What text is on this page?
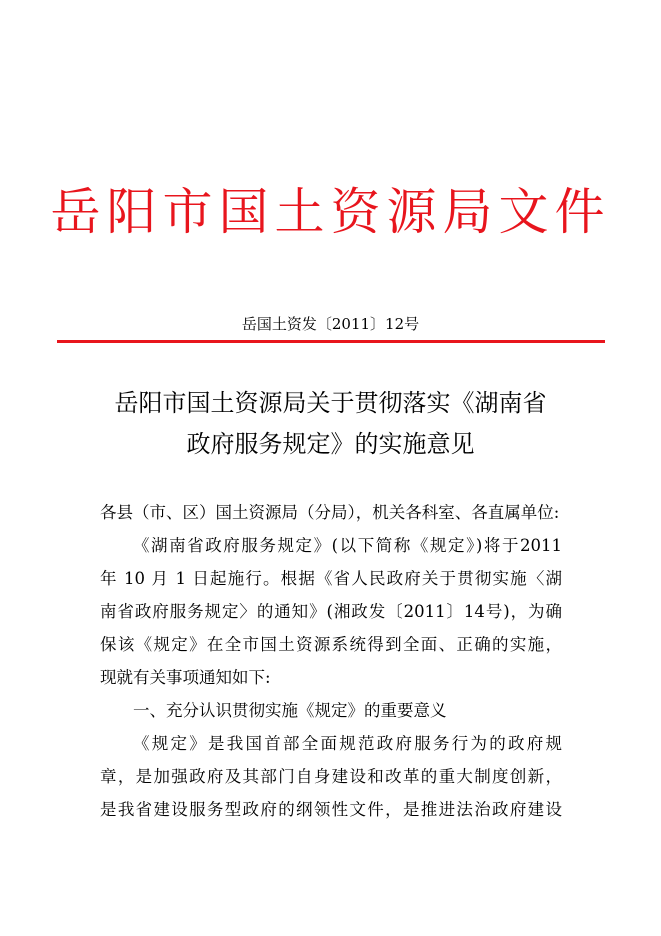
岳阳市国土资源局文件
岳国土资发〔2011〕12号
岳阳市国土资源局关于贯彻落实《湖南省
政府服务规定》的实施意见
各县（市、区）国土资源局（分局），机关各科室、各直属单位:
《湖南省政府服务规定》(以下简称《规定》)将于2011
年 10 月 1 日起施行。根据《省人民政府关于贯彻实施〈湖
南省政府服务规定〉的通知》(湘政发〔2011〕14号)，为确
保该《规定》在全市国土资源系统得到全面、正确的实施，
现就有关事项通知如下:
一、充分认识贯彻实施《规定》的重要意义
《规定》是我国首部全面规范政府服务行为的政府规
章，是加强政府及其部门自身建设和改革的重大制度创新，
是我省建设服务型政府的纲领性文件，是推进法治政府建设
